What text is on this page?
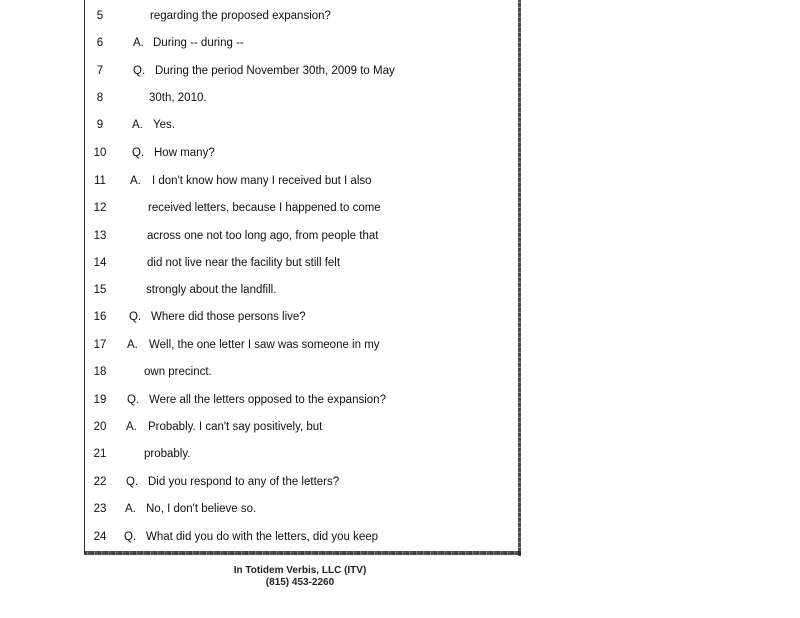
5	regarding the proposed expansion?
6	A. During -- during --
7	Q. During the period November 30th, 2009 to May
8	30th, 2010.
9	A. Yes.
10	Q. How many?
11	A. I don't know how many I received but I also
12	received letters, because I happened to come
13	across one not too long ago, from people that
14	did not live near the facility but still felt
15	strongly about the landfill.
16	Q. Where did those persons live?
17	A. Well, the one letter I saw was someone in my
18	own precinct.
19	Q. Were all the letters opposed to the expansion?
20	A. Probably. I can't say positively, but
21	probably.
22	Q. Did you respond to any of the letters?
23	A. No, I don't believe so.
24	Q. What did you do with the letters, did you keep
In Totidem Verbis, LLC (ITV)
(815) 453-2260
